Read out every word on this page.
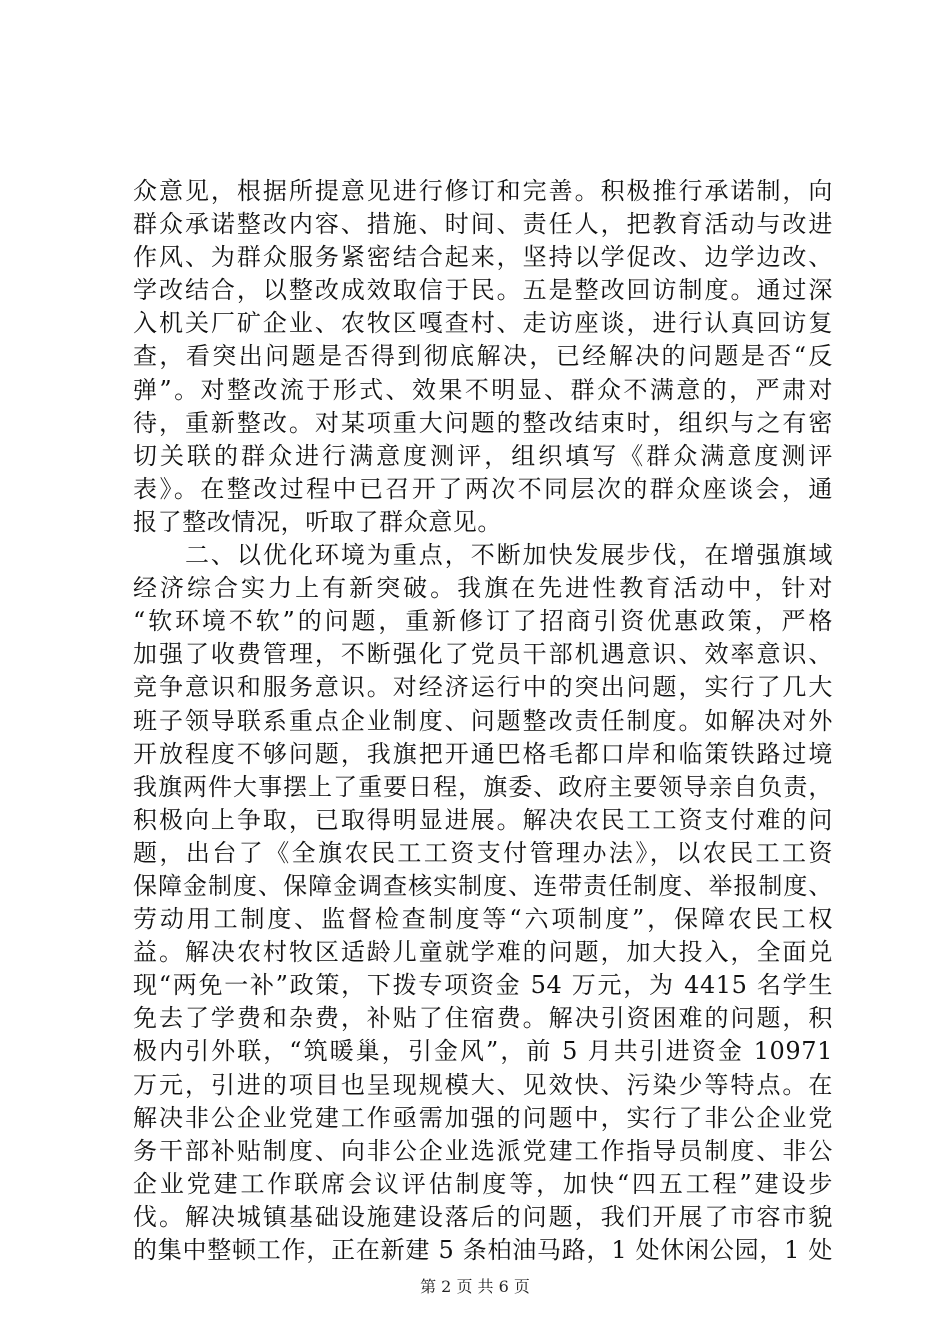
众意见，根据所提意见进行修订和完善。积极推行承诺制，向
群众承诺整改内容、措施、时间、责任人，把教育活动与改进
作风、为群众服务紧密结合起来，坚持以学促改、边学边改、
学改结合，以整改成效取信于民。五是整改回访制度。通过深
入机关厂矿企业、农牧区嘎查村、走访座谈，进行认真回访复
查，看突出问题是否得到彻底解决，已经解决的问题是否“反
弹”。对整改流于形式、效果不明显、群众不满意的，严肃对
待，重新整改。对某项重大问题的整改结束时，组织与之有密
切关联的群众进行满意度测评，组织填写《群众满意度测评
表》。在整改过程中已召开了两次不同层次的群众座谈会，通
报了整改情况，听取了群众意见。
　　二、以优化环境为重点，不断加快发展步伐，在增强旗域
经济综合实力上有新突破。我旗在先进性教育活动中，针对
“软环境不软”的问题，重新修订了招商引资优惠政策，严格
加强了收费管理，不断强化了党员干部机遇意识、效率意识、
竞争意识和服务意识。对经济运行中的突出问题，实行了几大
班子领导联系重点企业制度、问题整改责任制度。如解决对外
开放程度不够问题，我旗把开通巴格毛都口岸和临策铁路过境
我旗两件大事摆上了重要日程，旗委、政府主要领导亲自负责，
积极向上争取，已取得明显进展。解决农民工工资支付难的问
题，出台了《全旗农民工工资支付管理办法》，以农民工工资
保障金制度、保障金调查核实制度、连带责任制度、举报制度、
劳动用工制度、监督检查制度等“六项制度”，保障农民工权
益。解决农村牧区适龄儿童就学难的问题，加大投入，全面兑
现“两免一补”政策，下拨专项资金 54 万元，为 4415 名学生
免去了学费和杂费，补贴了住宿费。解决引资困难的问题，积
极内引外联，“筑暖巢，引金风”，前 5 月共引进资金 10971
万元，引进的项目也呈现规模大、见效快、污染少等特点。在
解决非公企业党建工作亟需加强的问题中，实行了非公企业党
务干部补贴制度、向非公企业选派党建工作指导员制度、非公
企业党建工作联席会议评估制度等，加快“四五工程”建设步
伐。解决城镇基础设施建设落后的问题，我们开展了市容市貌
的集中整顿工作，正在新建 5 条柏油马路，1 处休闲公园，1 处
第 2 页 共 6 页
